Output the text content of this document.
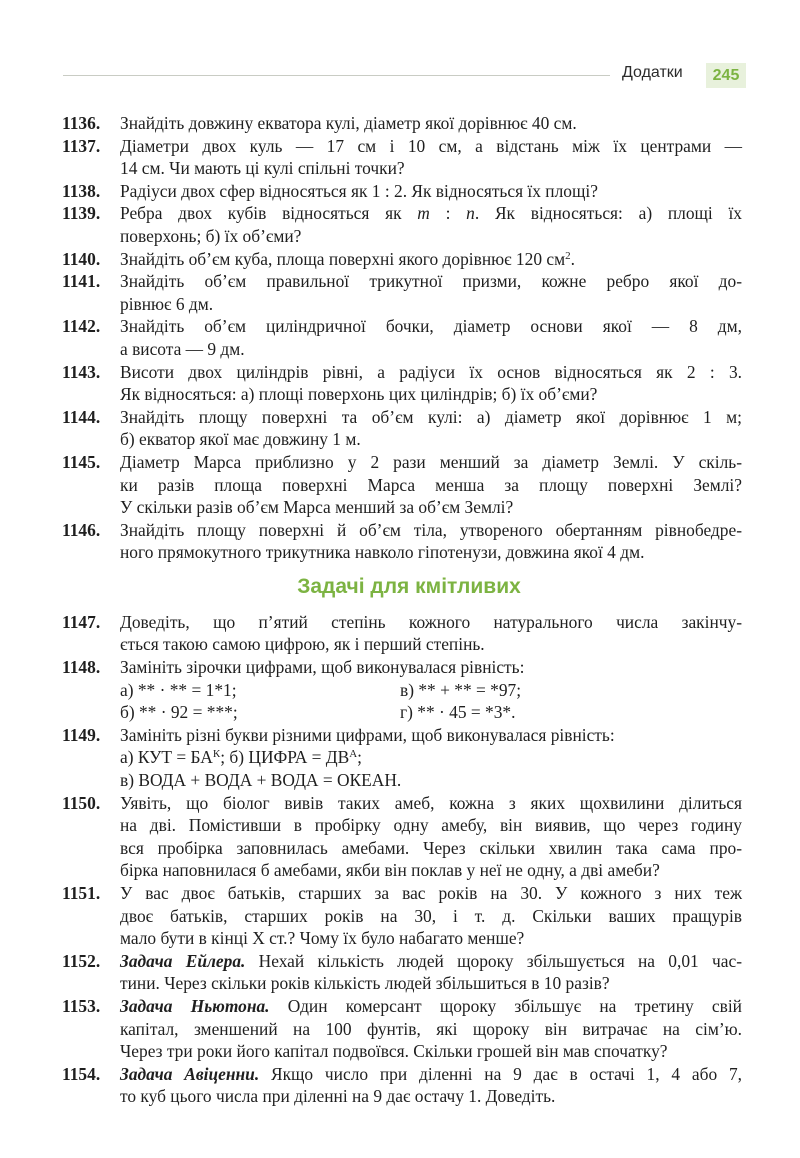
Додатки	245
1136. Знайдіть довжину екватора кулі, діаметр якої дорівнює 40 см.
1137. Діаметри двох куль — 17 см і 10 см, а відстань між їх центрами —
14 см. Чи мають ці кулі спільні точки?
1138. Радіуси двох сфер відносяться як 1 : 2. Як відносяться їх площі?
1139. Ребра двох кубів відносяться як m : n. Як відносяться: а) площі їх
поверхонь; б) їх об’єми?
1140. Знайдіть об’єм куба, площа поверхні якого дорівнює 120 $см^2$.
1141. Знайдіть об’єм правильної трикутної призми, кожне ребро якої до-
рівнює 6 дм.
1142. Знайдіть об’єм циліндричної бочки, діаметр основи якої — 8 дм,
а висота — 9 дм.
1143. Висоти двох циліндрів рівні, а радіуси їх основ відносяться як 2 : 3.
Як відносяться: а) площі поверхонь цих циліндрів; б) їх об’єми?
1144. Знайдіть площу поверхні та об’єм кулі: а) діаметр якої дорівнює 1 м;
б) екватор якої має довжину 1 м.
1145. Діаметр Марса приблизно у 2 рази менший за діаметр Землі. У скіль-
ки разів площа поверхні Марса менша за площу поверхні Землі?
У скільки разів об’єм Марса менший за об’єм Землі?
1146. Знайдіть площу поверхні й об’єм тіла, утвореного обертанням рівнобедре-
ного прямокутного трикутника навколо гіпотенузи, довжина якої 4 дм.
Задачі для кмітливих
1147. Доведіть, що п’ятий степінь кожного натурального числа закінчу-
ється такою самою цифрою, як і перший степінь.
1148. Замініть зірочки цифрами, щоб виконувалася рівність:
а) ** · ** = 1*1;	в) ** + ** = *97;
б) ** · 92 = ***;	г) ** · 45 = *3*.
1149. Замініть різні букви різними цифрами, щоб виконувалася рівність:
а) КУТ = $БА^К$; б) ЦИФРА = $ДВ^А$;
в) ВОДА + ВОДА + ВОДА = ОКЕАН.
1150. Уявіть, що біолог вивів таких амеб, кожна з яких щохвилини ділиться
на дві. Помістивши в пробірку одну амебу, він виявив, що через годину
вся пробірка заповнилась амебами. Через скільки хвилин така сама про-
бірка наповнилася б амебами, якби він поклав у неї не одну, а дві амеби?
1151. У вас двоє батьків, старших за вас років на 30. У кожного з них теж
двоє батьків, старших років на 30, і т. д. Скільки ваших пращурів
мало бути в кінці X ст.? Чому їх було набагато менше?
1152. Задача Ейлера. Нехай кількість людей щороку збільшується на 0,01 час-
тини. Через скільки років кількість людей збільшиться в 10 разів?
1153. Задача Ньютона. Один комерсант щороку збільшує на третину свій
капітал, зменшений на 100 фунтів, які щороку він витрачає на сім’ю.
Через три роки його капітал подвоївся. Скільки грошей він мав спочатку?
1154. Задача Авіценни. Якщо число при діленні на 9 дає в остачі 1, 4 або 7,
то куб цього числа при діленні на 9 дає остачу 1. Доведіть.
